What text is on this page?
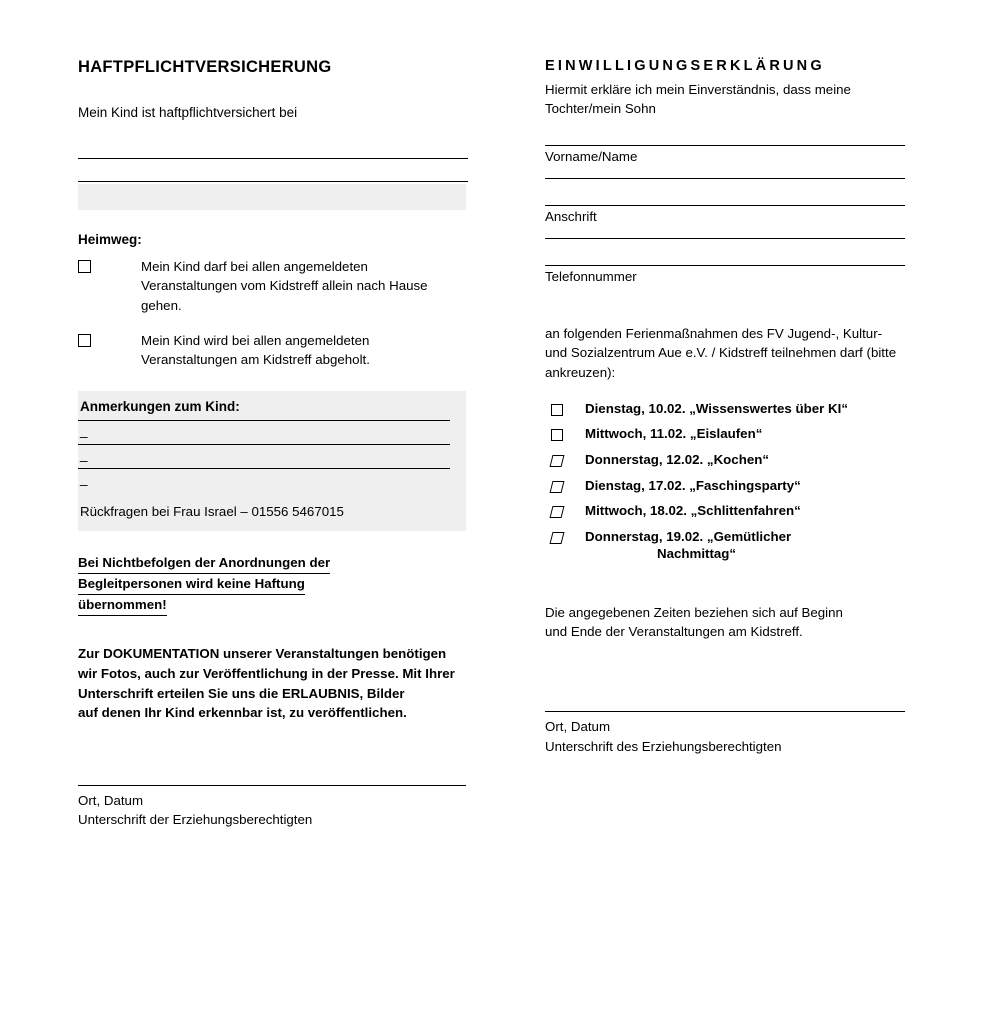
HAFTPFLICHTVERSICHERUNG

Mein Kind ist haftpflichtversichert bei

Heimweg:
Mein Kind darf bei allen angemeldeten Veranstaltungen vom Kidstreff allein nach Hause gehen.
Mein Kind wird bei allen angemeldeten Veranstaltungen am Kidstreff abgeholt.
Anmerkungen zum Kind:
_
_
_
Rückfragen bei Frau Israel – 01556 5467015
Bei Nichtbefolgen der Anordnungen der
Begleitpersonen wird keine Haftung
übernommen!
Zur DOKUMENTATION unserer Veranstaltungen benötigen wir Fotos, auch zur Veröffentlichung in der Presse. Mit Ihrer Unterschrift erteilen Sie uns die ERLAUBNIS, Bilder
auf denen Ihr Kind erkennbar ist, zu veröffentlichen.
Ort, Datum
Unterschrift der Erziehungsberechtigten
EINWILLIGUNGSERKLÄRUNG

Hiermit erkläre ich mein Einverständnis, dass meine Tochter/mein Sohn

Vorname/Name
Anschrift
Telefonnummer
an folgenden Ferienmaßnahmen des FV Jugend-, Kultur- und Sozialzentrum Aue e.V. / Kidstreff teilnehmen darf (bitte ankreuzen):
Dienstag, 10.02. „Wissenswertes über KI“
Mittwoch, 11.02. „Eislaufen“
Donnerstag, 12.02. „Kochen“
Dienstag, 17.02. „Faschingsparty“
Mittwoch, 18.02. „Schlittenfahren“
Donnerstag, 19.02. „Gemütlicher
Nachmittag“
Die angegebenen Zeiten beziehen sich auf Beginn und Ende der Veranstaltungen am Kidstreff.
Ort, Datum
Unterschrift des Erziehungsberechtigten
